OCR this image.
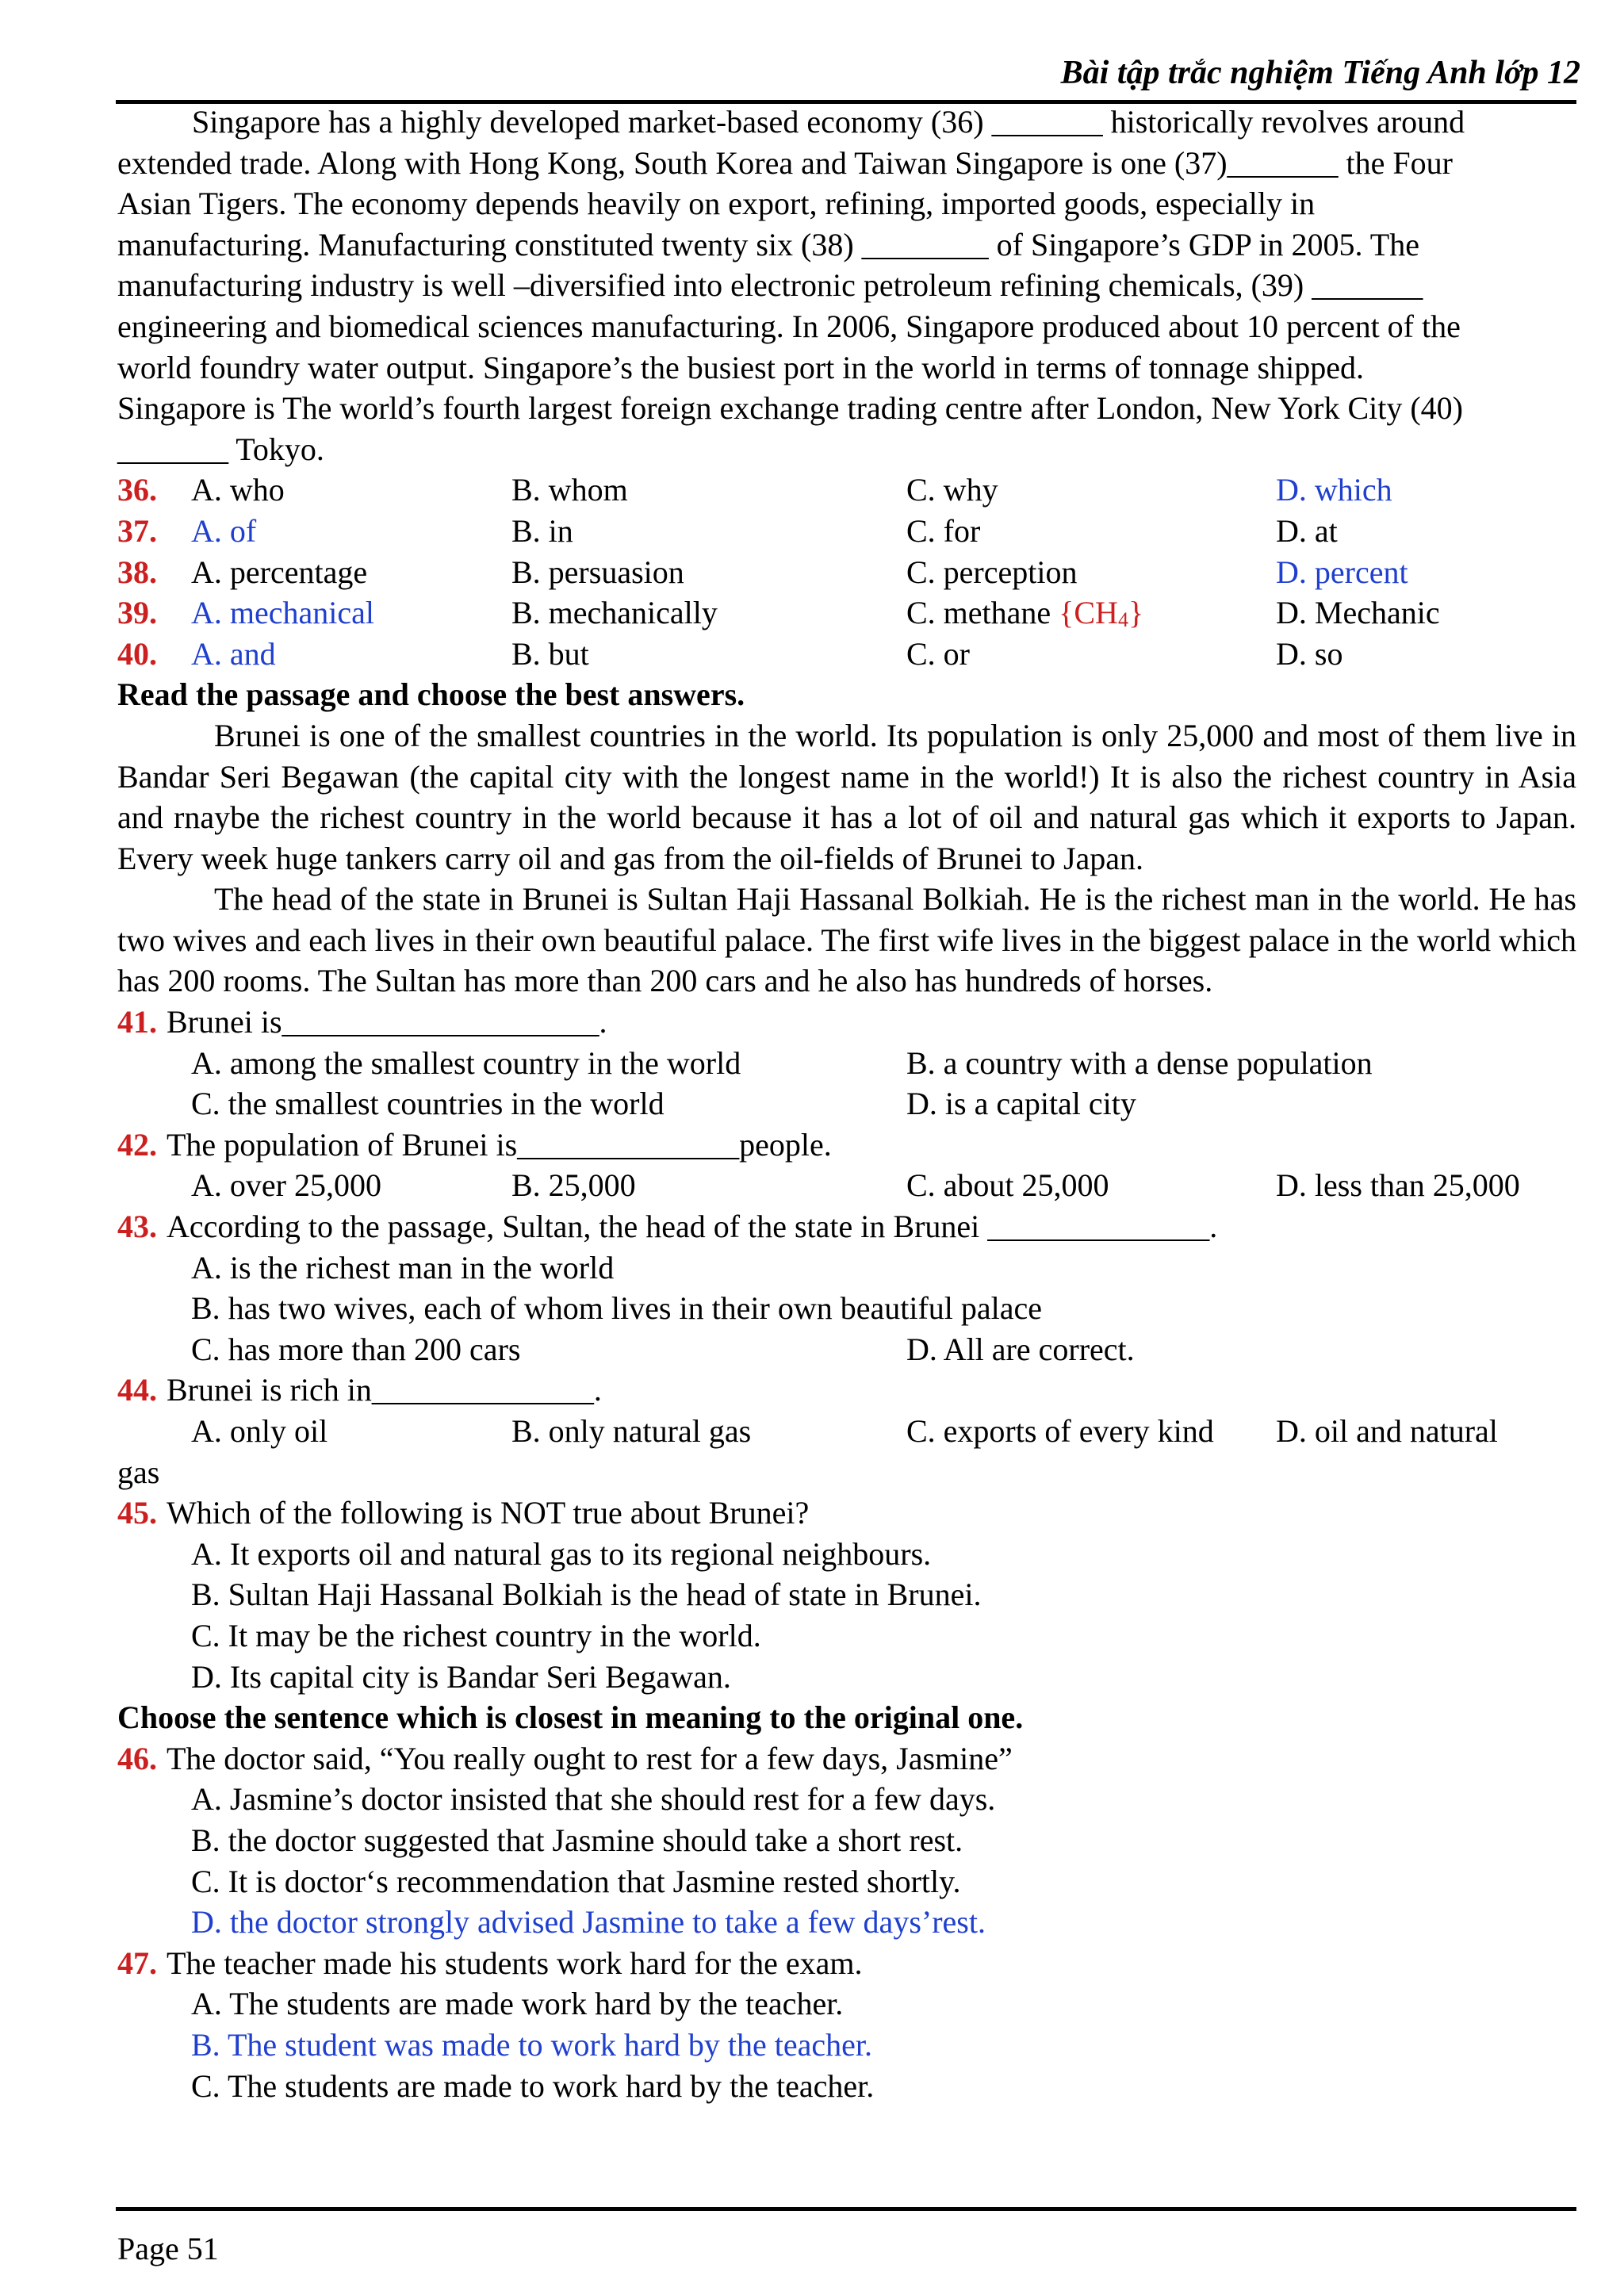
Bài tập trắc nghiệm Tiếng Anh lớp 12

Singapore has a highly developed market-based economy (36) _______ historically revolves around

extended trade. Along with Hong Kong, South Korea and Taiwan Singapore is one (37)_______ the Four

Asian Tigers. The economy depends heavily on export, refining, imported goods, especially in

manufacturing. Manufacturing constituted twenty six (38) ________ of Singapore’s GDP in 2005. The

manufacturing industry is well –diversified into electronic petroleum refining chemicals, (39) _______

engineering and biomedical sciences manufacturing. In 2006, Singapore produced about 10 percent of the

world foundry water output. Singapore’s the busiest port in the world in terms of tonnage shipped.

Singapore is The world’s fourth largest foreign exchange trading centre after London, New York City (40)

_______ Tokyo.

36. A. who	B. whom	C. why	D. which
37. A. of	B. in	C. for	D. at
38. A. percentage	B. persuasion	C. perception	D. percent
39. A. mechanical	B. mechanically	C. methane $\{CH_4\}$	D. Mechanic
40. A. and	B. but	C. or	D. so

Read the passage and choose the best answers.

Brunei is one of the smallest countries in the world. Its population is only 25,000 and most of them live in Bandar Seri Begawan (the capital city with the longest name in the world!) It is also the richest country in Asia and rnaybe the richest country in the world because it has a lot of oil and natural gas which it exports to Japan. Every week huge tankers carry oil and gas from the oil-fields of Brunei to Japan.

The head of the state in Brunei is Sultan Haji Hassanal Bolkiah. He is the richest man in the world. He has two wives and each lives in their own beautiful palace. The first wife lives in the biggest palace in the world which has 200 rooms. The Sultan has more than 200 cars and he also has hundreds of horses.

41. Brunei is____________________.
A. among the smallest country in the world	B. a country with a dense population
C. the smallest countries in the world	D. is a capital city
42. The population of Brunei is______________people.
A. over 25,000	B. 25,000	C. about 25,000	D. less than 25,000
43. According to the passage, Sultan, the head of the state in Brunei ______________.
A. is the richest man in the world
B. has two wives, each of whom lives in their own beautiful palace
C. has more than 200 cars	D. All are correct.
44. Brunei is rich in______________.
A. only oil	B. only natural gas	C. exports of every kind D. oil and natural
gas
45. Which of the following is NOT true about Brunei?
A. It exports oil and natural gas to its regional neighbours.
B. Sultan Haji Hassanal Bolkiah is the head of state in Brunei.
C. It may be the richest country in the world.
D. Its capital city is Bandar Seri Begawan.

Choose the sentence which is closest in meaning to the original one.

46. The doctor said, “You really ought to rest for a few days, Jasmine”
A. Jasmine’s doctor insisted that she should rest for a few days.
B. the doctor suggested that Jasmine should take a short rest.
C. It is doctor‘s recommendation that Jasmine rested shortly.
D. the doctor strongly advised Jasmine to take a few days’rest.
47. The teacher made his students work hard for the exam.
A. The students are made work hard by the teacher.
B. The student was made to work hard by the teacher.
C. The students are made to work hard by the teacher.
Page 51
